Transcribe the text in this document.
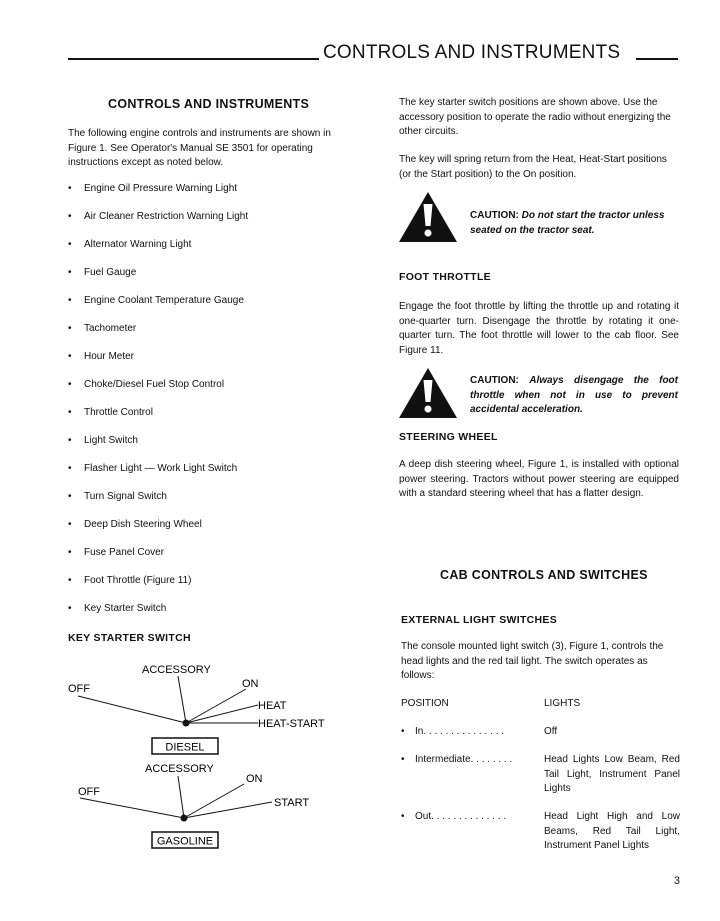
CONTROLS AND INSTRUMENTS
CONTROLS AND INSTRUMENTS
The following engine controls and instruments are shown in Figure 1. See Operator's Manual SE 3501 for operating instructions except as noted below.
• Engine Oil Pressure Warning Light
• Air Cleaner Restriction Warning Light
• Alternator Warning Light
• Fuel Gauge
• Engine Coolant Temperature Gauge
• Tachometer
• Hour Meter
• Choke/Diesel Fuel Stop Control
• Throttle Control
• Light Switch
• Flasher Light — Work Light Switch
• Turn Signal Switch
• Deep Dish Steering Wheel
• Fuse Panel Cover
• Foot Throttle (Figure 11)
• Key Starter Switch
KEY STARTER SWITCH
ACCESSORY
OFF	ON
HEAT
HEAT-START
DIESEL
ACCESSORY
OFF
ON
START
GASOLINE
The key starter switch positions are shown above. Use the accessory position to operate the radio without energizing the other circuits.
The key will spring return from the Heat, Heat-Start positions (or the Start position) to the On position.
CAUTION: Do not start the tractor unless seated on the tractor seat.
FOOT THROTTLE
Engage the foot throttle by lifting the throttle up and rotating it one-quarter turn. Disengage the throttle by rotating it one-quarter turn. The foot throttle will lower to the cab floor. See Figure 11.
CAUTION: Always disengage the foot throttle when not in use to prevent accidental acceleration.
STEERING WHEEL
A deep dish steering wheel, Figure 1, is installed with optional power steering. Tractors without power steering are equipped with a standard steering wheel that has a flatter design.
CAB CONTROLS AND SWITCHES
EXTERNAL LIGHT SWITCHES
The console mounted light switch (3), Figure 1, controls the head lights and the red tail light. The switch operates as follows:
POSITION	LIGHTS
• In. . . . . . . . . . . . . . .	Off
• Intermediate. . . . . . . .	Head Lights Low Beam, Red Tail Light, Instrument Panel Lights
• Out. . . . . . . . . . . . . .	Head Light High and Low Beams, Red Tail Light, Instrument Panel Lights
3
